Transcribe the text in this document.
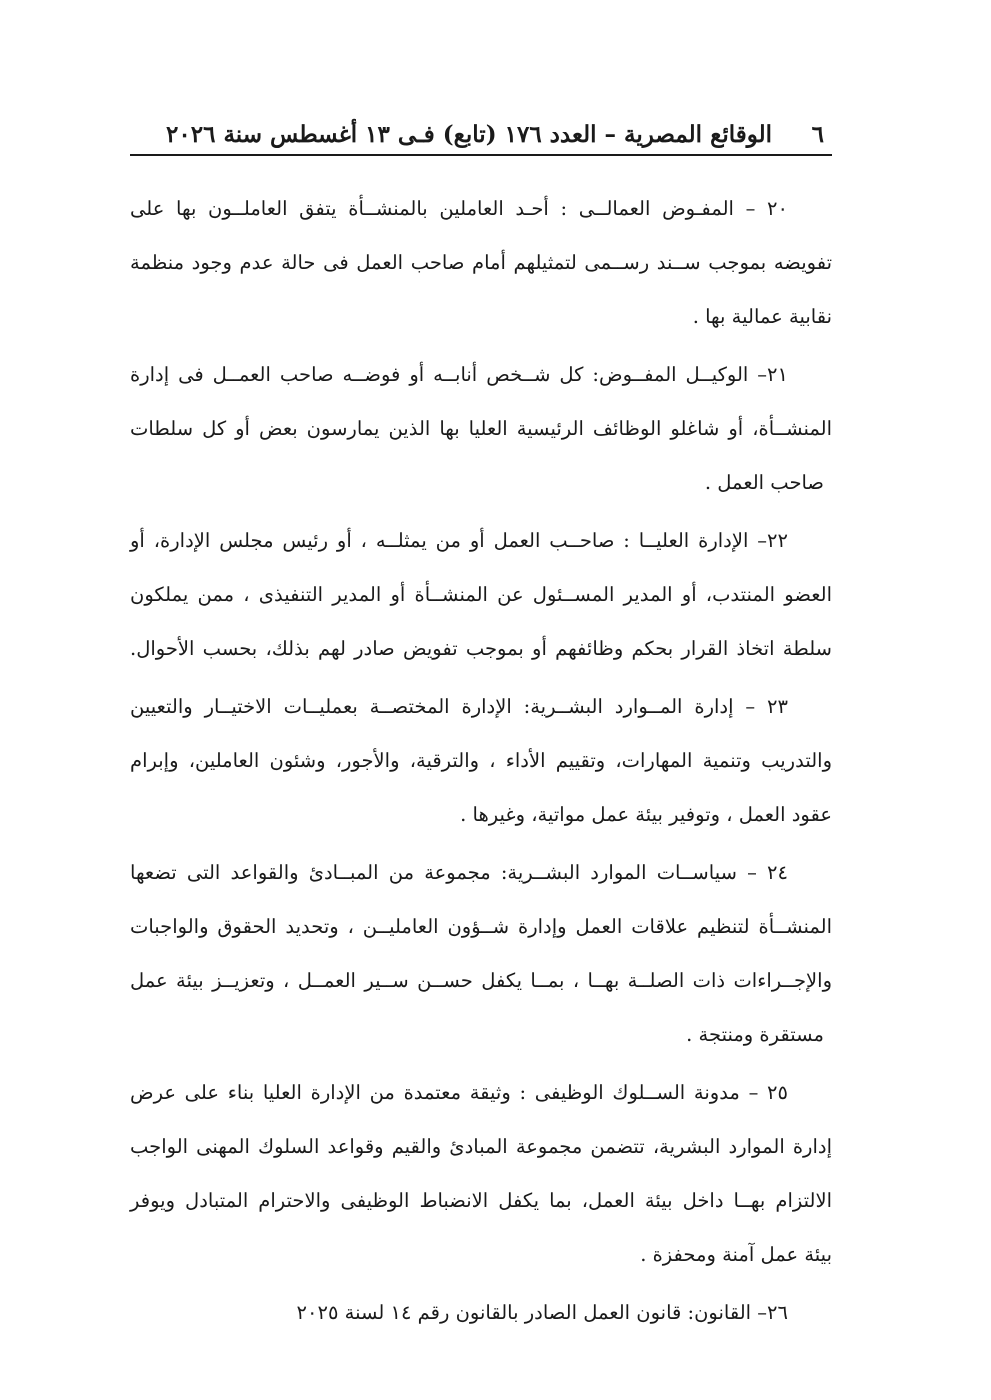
٦
الوقائع المصرية – العدد ١٧٦ (تابع) فـى ١٣ أغسطس سنة ٢٠٢٦

٢٠ – المفـوض العمالــى : أحـد العاملين بالمنشــأة يتفق العاملــون بها على
تفويضه بموجب ســند رســمى لتمثيلهم أمام صاحب العمل فى حالة عدم وجود منظمة
نقابية عمالية بها .

٢١– الوكيــل المفــوض: كل شــخص أنابــه أو فوضــه صاحب العمــل فى إدارة
المنشــأة، أو شاغلو الوظائف الرئيسية العليا بها الذين يمارسون بعض أو كل سلطات
صاحب العمل .

٢٢– الإدارة العليــا : صاحــب العمل أو من يمثلــه ، أو رئيس مجلس الإدارة، أو
العضو المنتدب، أو المدير المســئول عن المنشــأة أو المدير التنفيذى ، ممن يملكون
سلطة اتخاذ القرار بحكم وظائفهم أو بموجب تفويض صادر لهم بذلك، بحسب الأحوال.

٢٣ – إدارة المــوارد البشــرية: الإدارة المختصــة بعمليــات الاختيــار والتعيين
والتدريب وتنمية المهارات، وتقييم الأداء ، والترقية، والأجور، وشئون العاملين، وإبرام
عقود العمل ، وتوفير بيئة عمل مواتية، وغيرها .

٢٤ – سياســات الموارد البشــرية: مجموعة من المبــادئ والقواعد التى تضعها
المنشــأة لتنظيم علاقات العمل وإدارة شــؤون العامليــن ، وتحديد الحقوق والواجبات
والإجــراءات ذات الصلــة بهــا ، بمــا يكفل حســن ســير العمــل ، وتعزيــز بيئة عمل
مستقرة ومنتجة .

٢٥ – مدونة الســلوك الوظيفى : وثيقة معتمدة من الإدارة العليا بناء على عرض
إدارة الموارد البشرية، تتضمن مجموعة المبادئ والقيم وقواعد السلوك المهنى الواجب
الالتزام بهــا داخل بيئة العمل، بما يكفل الانضباط الوظيفى والاحترام المتبادل ويوفر
بيئة عمل آمنة ومحفزة .

٢٦– القانون: قانون العمل الصادر بالقانون رقم ١٤ لسنة ٢٠٢٥
